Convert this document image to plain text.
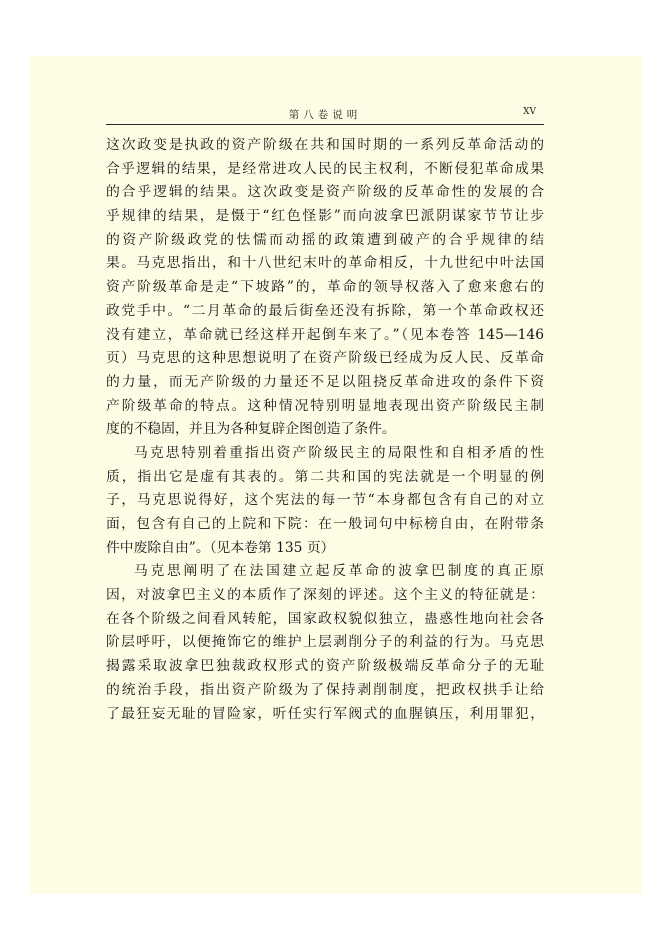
第八卷说明	XV
这次政变是执政的资产阶级在共和国时期的一系列反革命活动的
合乎逻辑的结果，是经常进攻人民的民主权利，不断侵犯革命成果
的合乎逻辑的结果。这次政变是资产阶级的反革命性的发展的合
乎规律的结果，是慑于“红色怪影”而向波拿巴派阴谋家节节让步
的资产阶级政党的怯懦而动摇的政策遭到破产的合乎规律的结
果。马克思指出，和十八世纪末叶的革命相反，十九世纪中叶法国
资产阶级革命是走“下坡路”的，革命的领导权落入了愈来愈右的
政党手中。“二月革命的最后街垒还没有拆除，第一个革命政权还
没有建立，革命就已经这样开起倒车来了。”（见本卷答 145—146
页）马克思的这种思想说明了在资产阶级已经成为反人民、反革命
的力量，而无产阶级的力量还不足以阻挠反革命进攻的条件下资
产阶级革命的特点。这种情况特别明显地表现出资产阶级民主制
度的不稳固，并且为各种复辟企图创造了条件。
马克思特别着重指出资产阶级民主的局限性和自相矛盾的性
质，指出它是虚有其表的。第二共和国的宪法就是一个明显的例
子，马克思说得好，这个宪法的每一节“本身都包含有自己的对立
面，包含有自己的上院和下院：在一般词句中标榜自由，在附带条
件中废除自由”。（见本卷第 135 页）
马克思阐明了在法国建立起反革命的波拿巴制度的真正原
因，对波拿巴主义的本质作了深刻的评述。这个主义的特征就是：
在各个阶级之间看风转舵，国家政权貌似独立，蛊惑性地向社会各
阶层呼吁，以便掩饰它的维护上层剥削分子的利益的行为。马克思
揭露采取波拿巴独裁政权形式的资产阶级极端反革命分子的无耻
的统治手段，指出资产阶级为了保持剥削制度，把政权拱手让给
了最狂妄无耻的冒险家，听任实行军阀式的血腥镇压，利用罪犯，
